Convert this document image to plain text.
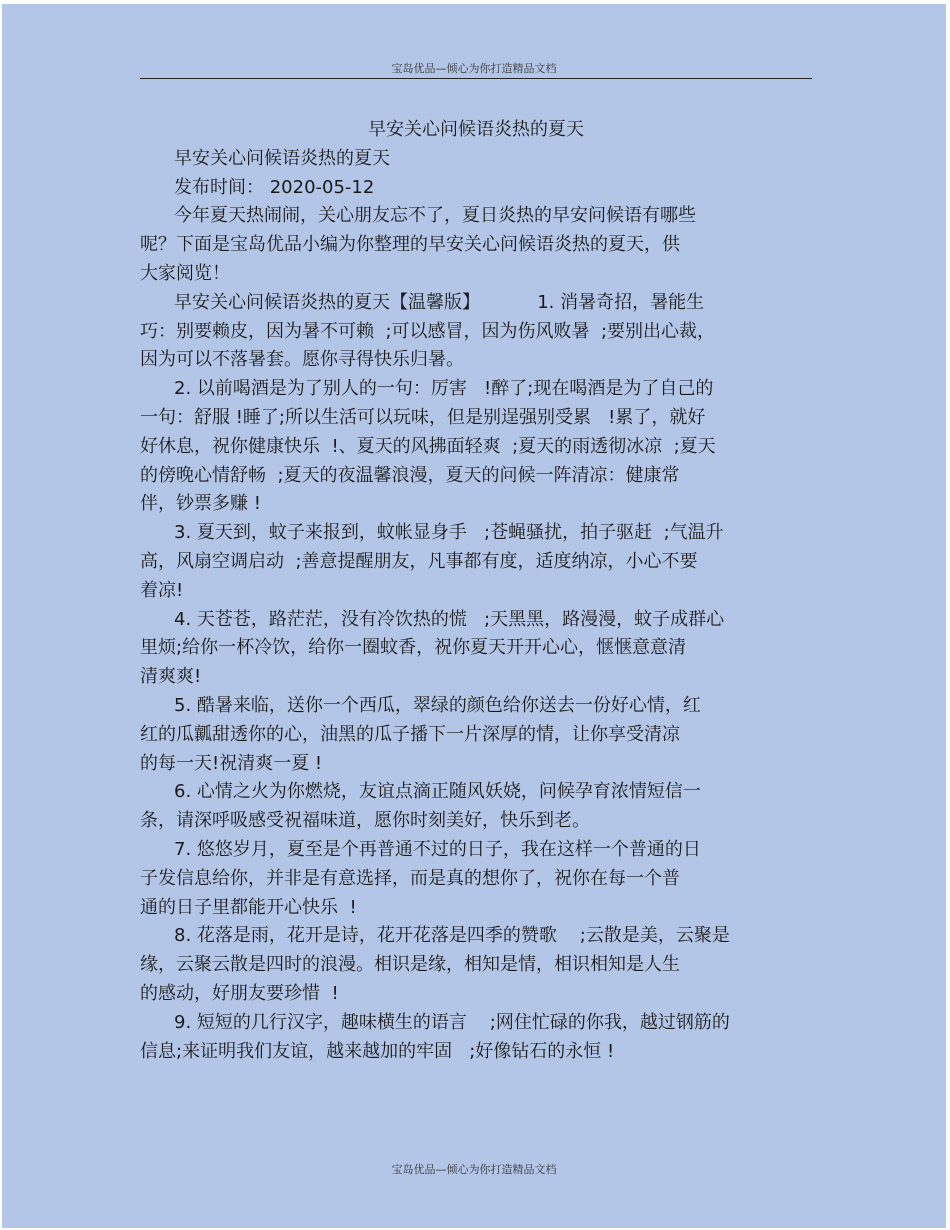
宝岛优品—倾心为你打造精品文档
早安关心问候语炎热的夏天
早安关心问候语炎热的夏天
发布时间： 2020-05-12
今年夏天热闹闹，关心朋友忘不了，夏日炎热的早安问候语有哪些
呢？下面是宝岛优品小编为你整理的早安关心问候语炎热的夏天，供
大家阅览！
早安关心问候语炎热的夏天【温馨版】          1. 消暑奇招，暑能生
巧：别要赖皮，因为暑不可赖  ;可以感冒，因为伤风败暑  ;要别出心裁，
因为可以不落暑套。愿你寻得快乐归暑。
2. 以前喝酒是为了别人的一句：厉害   !醉了;现在喝酒是为了自己的
一句：舒服 !睡了;所以生活可以玩味，但是别逞强别受累   !累了，就好
好休息，祝你健康快乐  !、夏天的风拂面轻爽  ;夏天的雨透彻冰凉  ;夏天
的傍晚心情舒畅  ;夏天的夜温馨浪漫，夏天的问候一阵清凉：健康常
伴，钞票多赚 !
3. 夏天到，蚊子来报到，蚊帐显身手   ;苍蝇骚扰，拍子驱赶  ;气温升
高，风扇空调启动  ;善意提醒朋友，凡事都有度，适度纳凉，小心不要
着凉!
4. 天苍苍，路茫茫，没有冷饮热的慌   ;天黑黑，路漫漫，蚊子成群心
里烦;给你一杯冷饮，给你一圈蚊香，祝你夏天开开心心，惬惬意意清
清爽爽!
5. 酷暑来临，送你一个西瓜，翠绿的颜色给你送去一份好心情，红
红的瓜瓤甜透你的心，油黑的瓜子播下一片深厚的情，让你享受清凉
的每一天!祝清爽一夏 !
6. 心情之火为你燃烧，友谊点滴正随风妖娆，问候孕育浓情短信一
条，请深呼吸感受祝福味道，愿你时刻美好，快乐到老。
7. 悠悠岁月，夏至是个再普通不过的日子，我在这样一个普通的日
子发信息给你，并非是有意选择，而是真的想你了，祝你在每一个普
通的日子里都能开心快乐  !
8. 花落是雨，花开是诗，花开花落是四季的赞歌    ;云散是美，云聚是
缘，云聚云散是四时的浪漫。相识是缘，相知是情，相识相知是人生
的感动，好朋友要珍惜  !
9. 短短的几行汉字，趣味横生的语言    ;网住忙碌的你我，越过钢筋的
信息;来证明我们友谊，越来越加的牢固   ;好像钻石的永恒 !
宝岛优品—倾心为你打造精品文档
